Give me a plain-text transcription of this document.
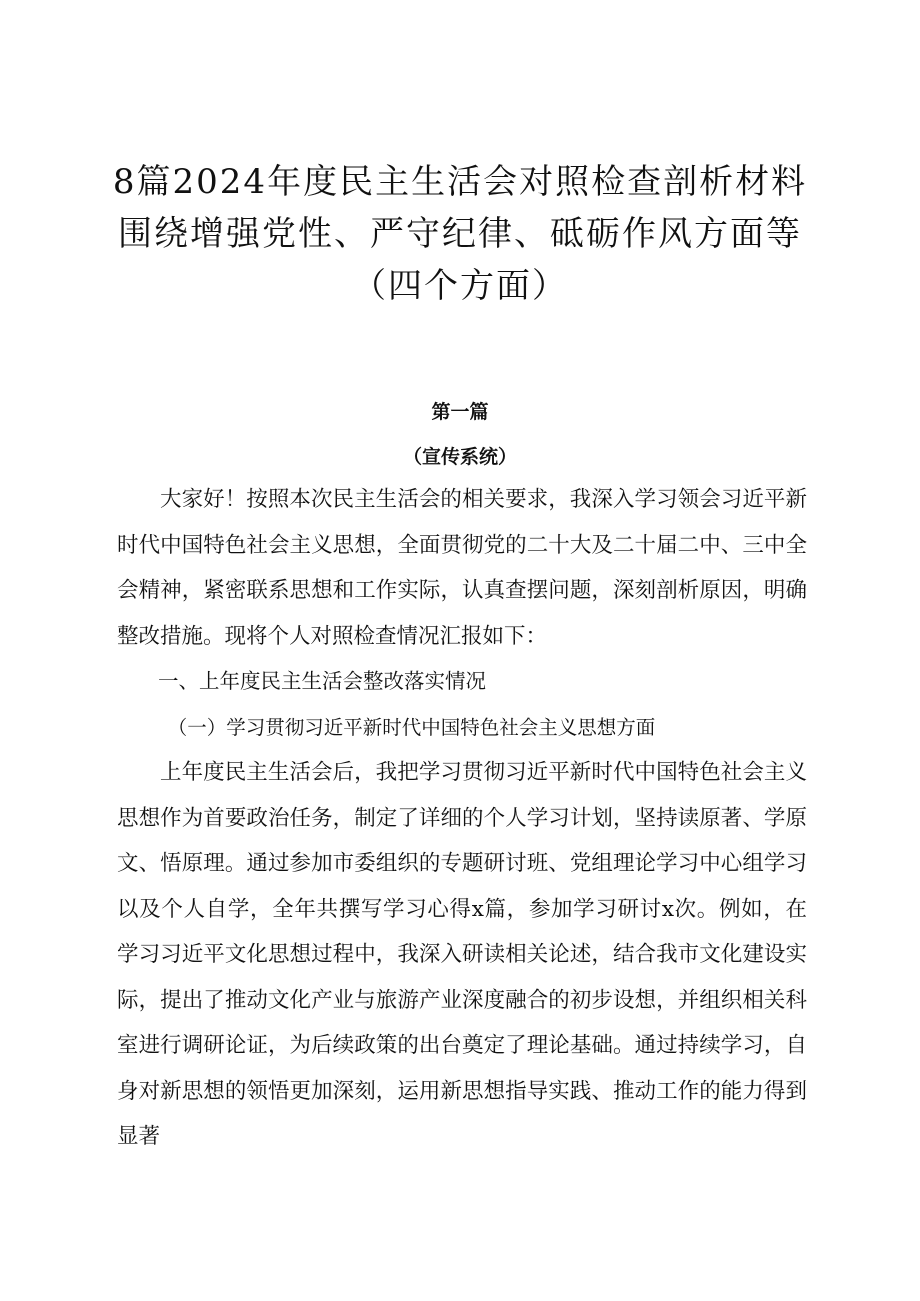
8篇2024年度民主生活会对照检查剖析材料
围绕增强党性、严守纪律、砥砺作风方面等
（四个方面）
第一篇
（宣传系统）

大家好！按照本次民主生活会的相关要求，我深入学习领会习近平新时代中国特色社会主义思想，全面贯彻党的二十大及二十届二中、三中全会精神，紧密联系思想和工作实际，认真查摆问题，深刻剖析原因，明确整改措施。现将个人对照检查情况汇报如下：

一、上年度民主生活会整改落实情况

（一）学习贯彻习近平新时代中国特色社会主义思想方面

上年度民主生活会后，我把学习贯彻习近平新时代中国特色社会主义思想作为首要政治任务，制定了详细的个人学习计划，坚持读原著、学原文、悟原理。通过参加市委组织的专题研讨班、党组理论学习中心组学习以及个人自学，全年共撰写学习心得x篇，参加学习研讨x次。例如，在学习习近平文化思想过程中，我深入研读相关论述，结合我市文化建设实际，提出了推动文化产业与旅游产业深度融合的初步设想，并组织相关科室进行调研论证，为后续政策的出台奠定了理论基础。通过持续学习，自身对新思想的领悟更加深刻，运用新思想指导实践、推动工作的能力得到显著
